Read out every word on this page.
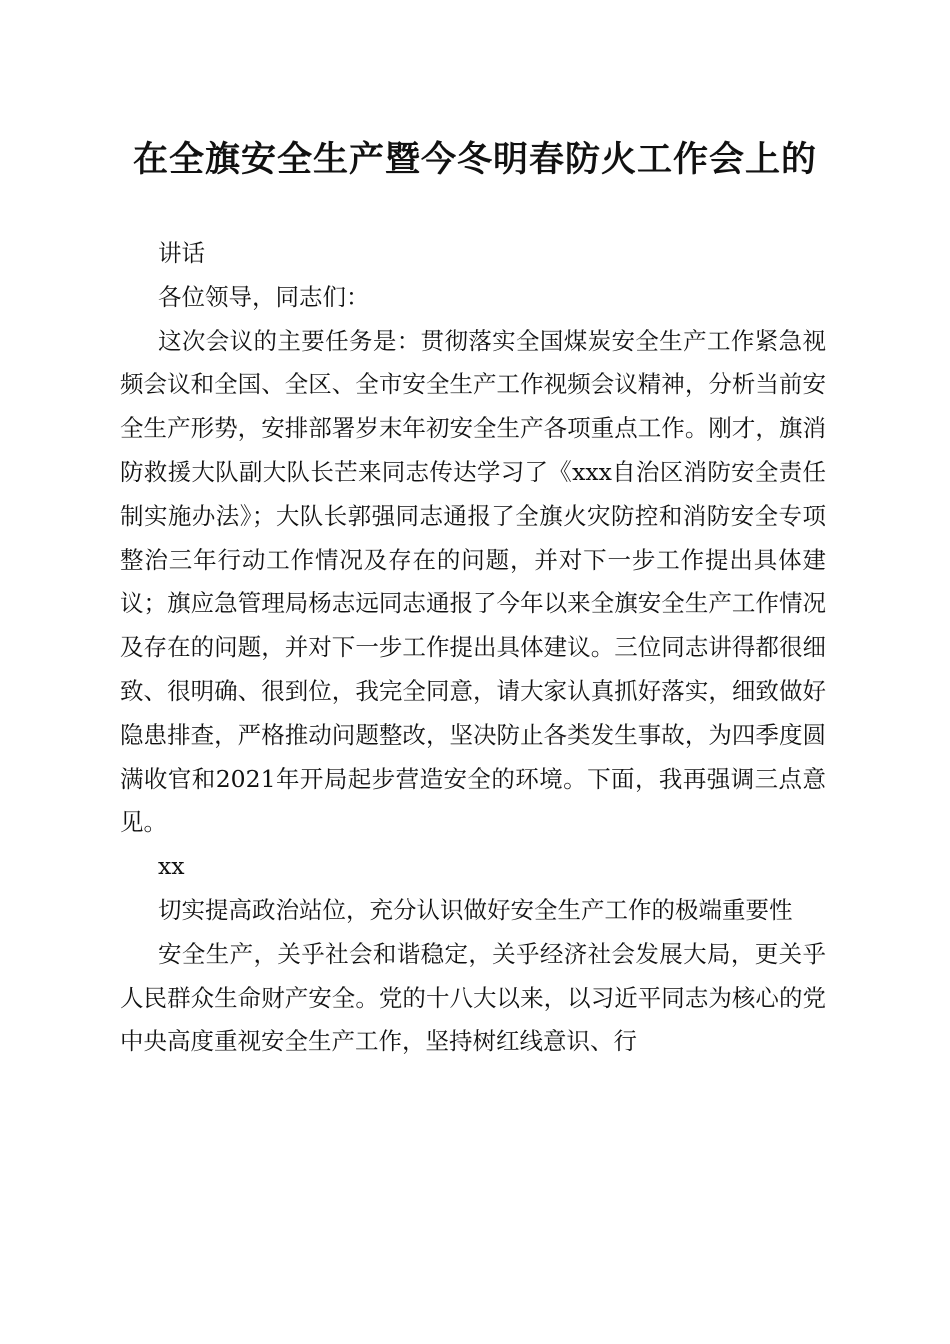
在全旗安全生产暨今冬明春防火工作会上的

讲话

各位领导，同志们：

这次会议的主要任务是：贯彻落实全国煤炭安全生产工作紧急视频会议和全国、全区、全市安全生产工作视频会议精神，分析当前安全生产形势，安排部署岁末年初安全生产各项重点工作。刚才，旗消防救援大队副大队长芒来同志传达学习了《xxx自治区消防安全责任制实施办法》；大队长郭强同志通报了全旗火灾防控和消防安全专项整治三年行动工作情况及存在的问题，并对下一步工作提出具体建议；旗应急管理局杨志远同志通报了今年以来全旗安全生产工作情况及存在的问题，并对下一步工作提出具体建议。三位同志讲得都很细致、很明确、很到位，我完全同意，请大家认真抓好落实，细致做好隐患排查，严格推动问题整改，坚决防止各类发生事故，为四季度圆满收官和2021年开局起步营造安全的环境。下面，我再强调三点意见。

xx

切实提高政治站位，充分认识做好安全生产工作的极端重要性

安全生产，关乎社会和谐稳定，关乎经济社会发展大局，更关乎人民群众生命财产安全。党的十八大以来，以习近平同志为核心的党中央高度重视安全生产工作，坚持树红线意识、行
